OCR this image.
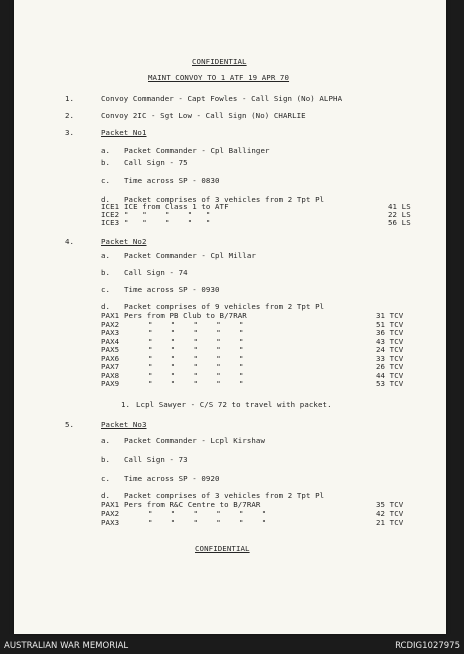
CONFIDENTIAL
MAINT CONVOY TO 1 ATF 19 APR 70
1.	Convoy Commander - Capt Fowles - Call Sign (No) ALPHA
2.	Convoy 2IC - Sgt Low - Call Sign (No) CHARLIE
3.	Packet No1
a. Packet Commander - Cpl Ballinger
b. Call Sign - 75
c. Time across SP - 0830
d. Packet comprises of 3 vehicles from 2 Tpt Pl
ICE1 ICE from Class 1 to ATF	41 LS
ICE2 "   "    "    "   "	22 LS
ICE3 "   "    "    "   "	56 LS
4.	Packet No2
a. Packet Commander - Cpl Millar
b. Call Sign - 74
c. Time across SP - 0930
d. Packet comprises of 9 vehicles from 2 Tpt Pl
PAX1 Pers from PB Club to B/7RAR	31 TCV
PAX2	"    "    "    "    "	51 TCV
PAX3	"    "    "    "    "	36 TCV
PAX4	"    "    "    "    "	43 TCV
PAX5	"    "    "    "    "	24 TCV
PAX6	"    "    "    "    "	33 TCV
PAX7	"    "    "    "    "	26 TCV
PAX8	"    "    "    "    "	44 TCV
PAX9	"    "    "    "    "	53 TCV
1. Lcpl Sawyer - C/S 72 to travel with packet.
5.	Packet No3
a. Packet Commander - Lcpl Kirshaw
b. Call Sign - 73
c. Time across SP - 0920
d. Packet comprises of 3 vehicles from 2 Tpt Pl
PAX1 Pers from R&C Centre to B/7RAR	35 TCV
PAX2	"    "    "    "    "    "	42 TCV
PAX3	"    "    "    "    "    "	21 TCV
CONFIDENTIAL
AUSTRALIAN WAR MEMORIAL	RCDIG1027975
